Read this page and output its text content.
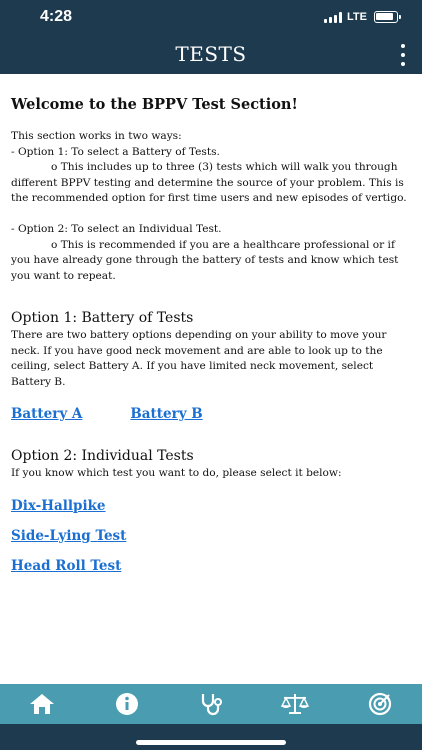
4:28	LTE
TESTS
Welcome to the BPPV Test Section!
This section works in two ways:
- Option 1: To select a Battery of Tests.
o This includes up to three (3) tests which will walk you through different BPPV testing and determine the source of your problem. This is the recommended option for first time users and new episodes of vertigo.
- Option 2: To select an Individual Test.
o This is recommended if you are a healthcare professional or if you have already gone through the battery of tests and know which test you want to repeat.
Option 1: Battery of Tests
There are two battery options depending on your ability to move your neck. If you have good neck movement and are able to look up to the ceiling, select Battery A. If you have limited neck movement, select Battery B.
Battery A	Battery B
Option 2: Individual Tests
If you know which test you want to do, please select it below:
Dix-Hallpike
Side-Lying Test
Head Roll Test
